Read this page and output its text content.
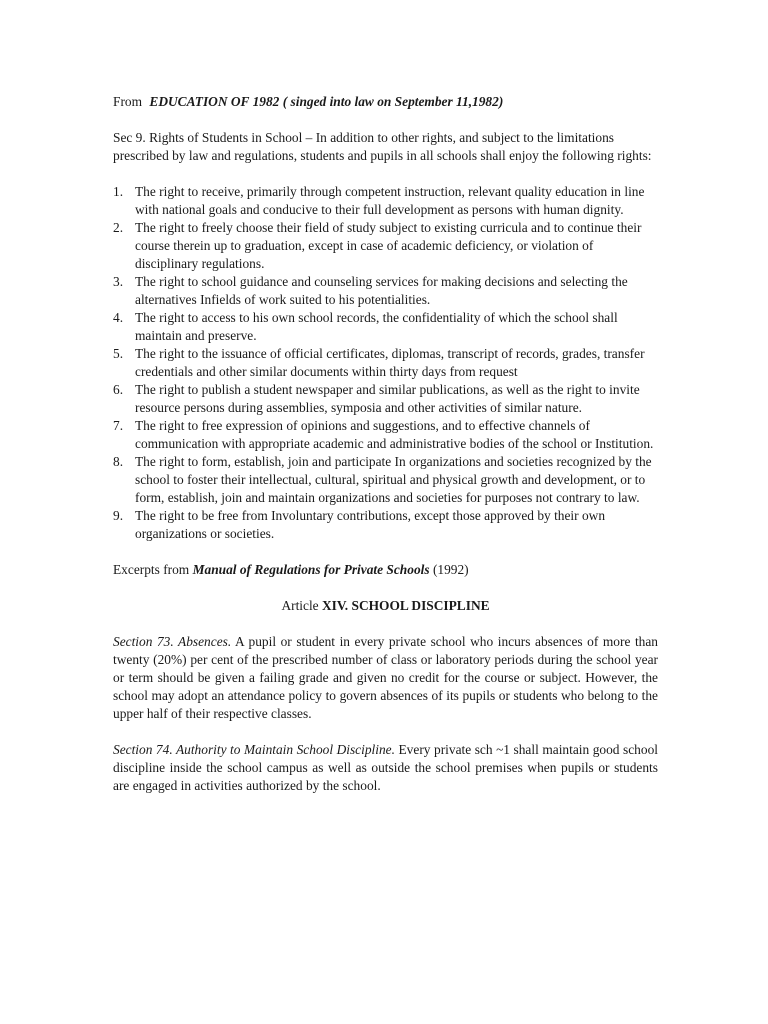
From EDUCATION OF 1982 ( singed into law on September 11,1982)

Sec 9. Rights of Students in School – In addition to other rights, and subject to the limitations prescribed by law and regulations, students and pupils in all schools shall enjoy the following rights:

1. The right to receive, primarily through competent instruction, relevant quality education in line with national goals and conducive to their full development as persons with human dignity.
2. The right to freely choose their field of study subject to existing curricula and to continue their course therein up to graduation, except in case of academic deficiency, or violation of disciplinary regulations.
3. The right to school guidance and counseling services for making decisions and selecting the alternatives Infields of work suited to his potentialities.
4. The right to access to his own school records, the confidentiality of which the school shall maintain and preserve.
5. The right to the issuance of official certificates, diplomas, transcript of records, grades, transfer credentials and other similar documents within thirty days from request
6. The right to publish a student newspaper and similar publications, as well as the right to invite resource persons during assemblies, symposia and other activities of similar nature.
7. The right to free expression of opinions and suggestions, and to effective channels of communication with appropriate academic and administrative bodies of the school or Institution.
8. The right to form, establish, join and participate In organizations and societies recognized by the school to foster their intellectual, cultural, spiritual and physical growth and development, or to form, establish, join and maintain organizations and societies for purposes not contrary to law.
9. The right to be free from Involuntary contributions, except those approved by their own organizations or societies.

Excerpts from Manual of Regulations for Private Schools (1992)

Article XIV. SCHOOL DISCIPLINE

Section 73. Absences. A pupil or student in every private school who incurs absences of more than twenty (20%) per cent of the prescribed number of class or laboratory periods during the school year or term should be given a failing grade and given no credit for the course or subject. However, the school may adopt an attendance policy to govern absences of its pupils or students who belong to the upper half of their respective classes.

Section 74. Authority to Maintain School Discipline. Every private sch ~1 shall maintain good school discipline inside the school campus as well as outside the school premises when pupils or students are engaged in activities authorized by the school.
